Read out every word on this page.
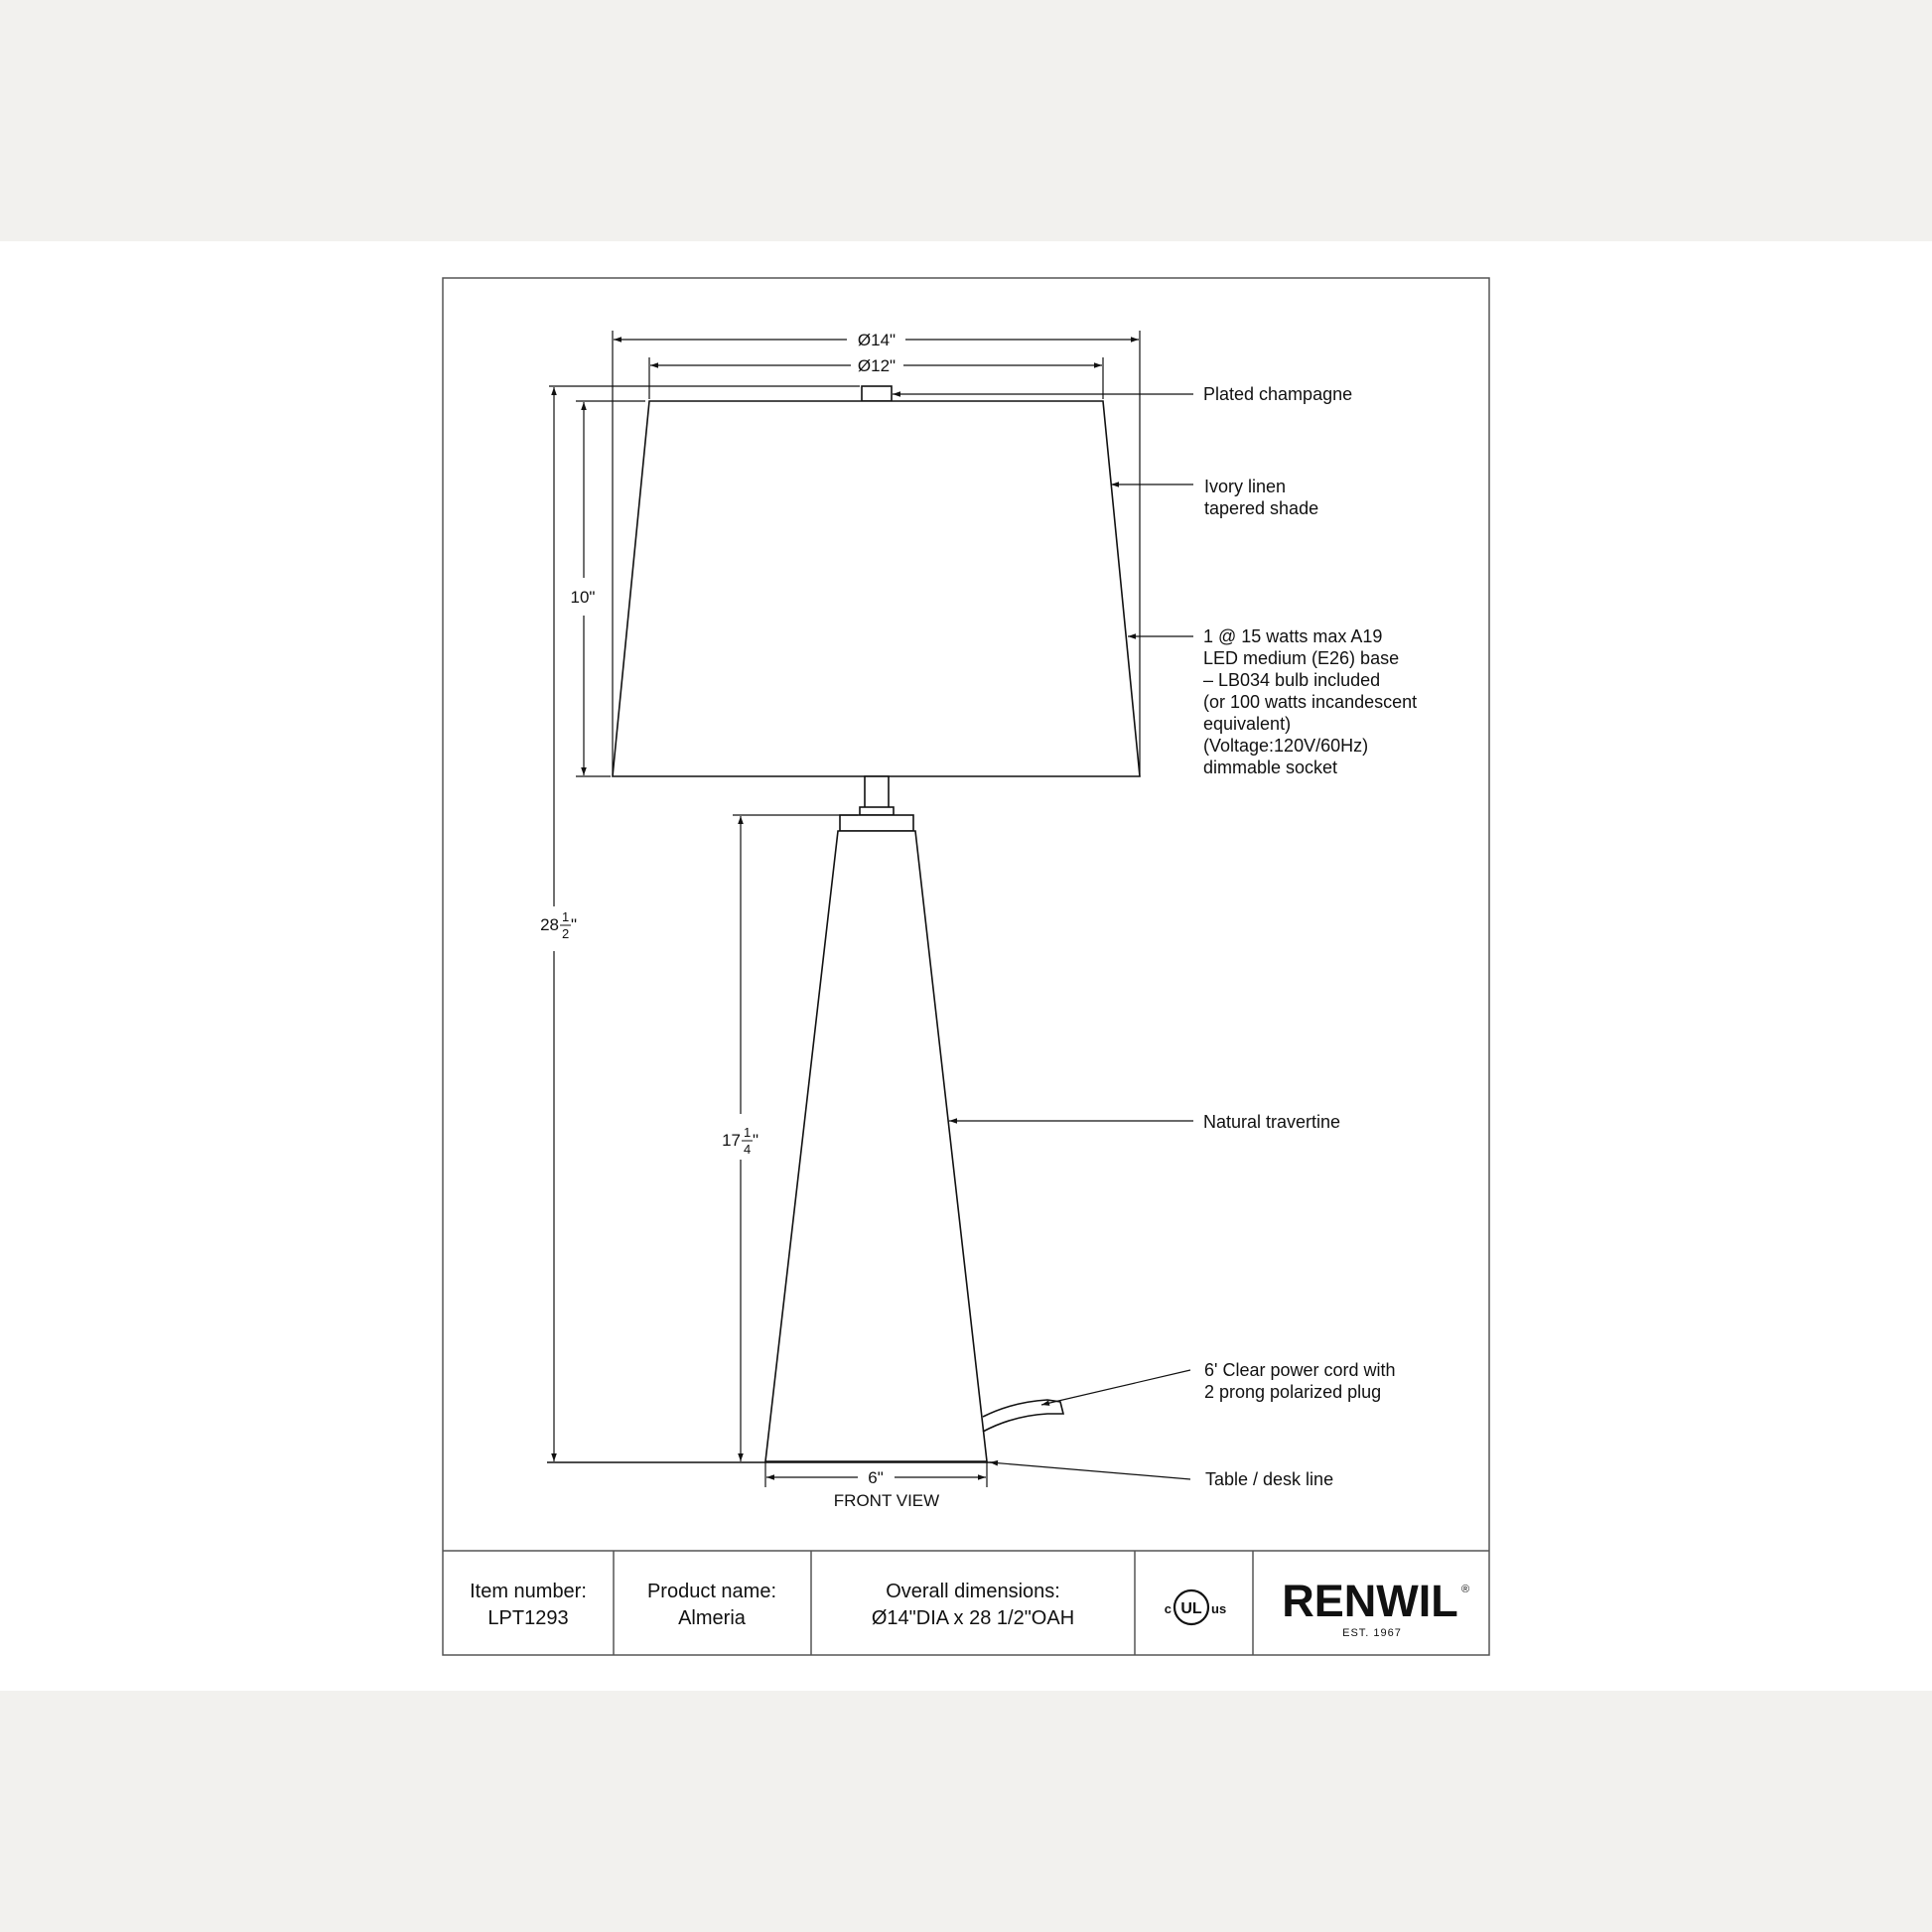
Ø14"
Ø12"
10"
28 1
2 "
17 1
4 "
6"
FRONT VIEW
Plated champagne
Ivory linen
tapered shade
1 @ 15 watts max A19
LED medium (E26) base
– LB034 bulb included
(or 100 watts incandescent
equivalent)
(Voltage:120V/60Hz)
dimmable socket
Natural travertine
6' Clear power cord with
2 prong polarized plug
Table / desk line
Item number:
LPT1293
Product name:
Almeria
Overall dimensions:
Ø14"DIA x 28 1/2"OAH	c UL us RENWIL ®
EST. 1967
